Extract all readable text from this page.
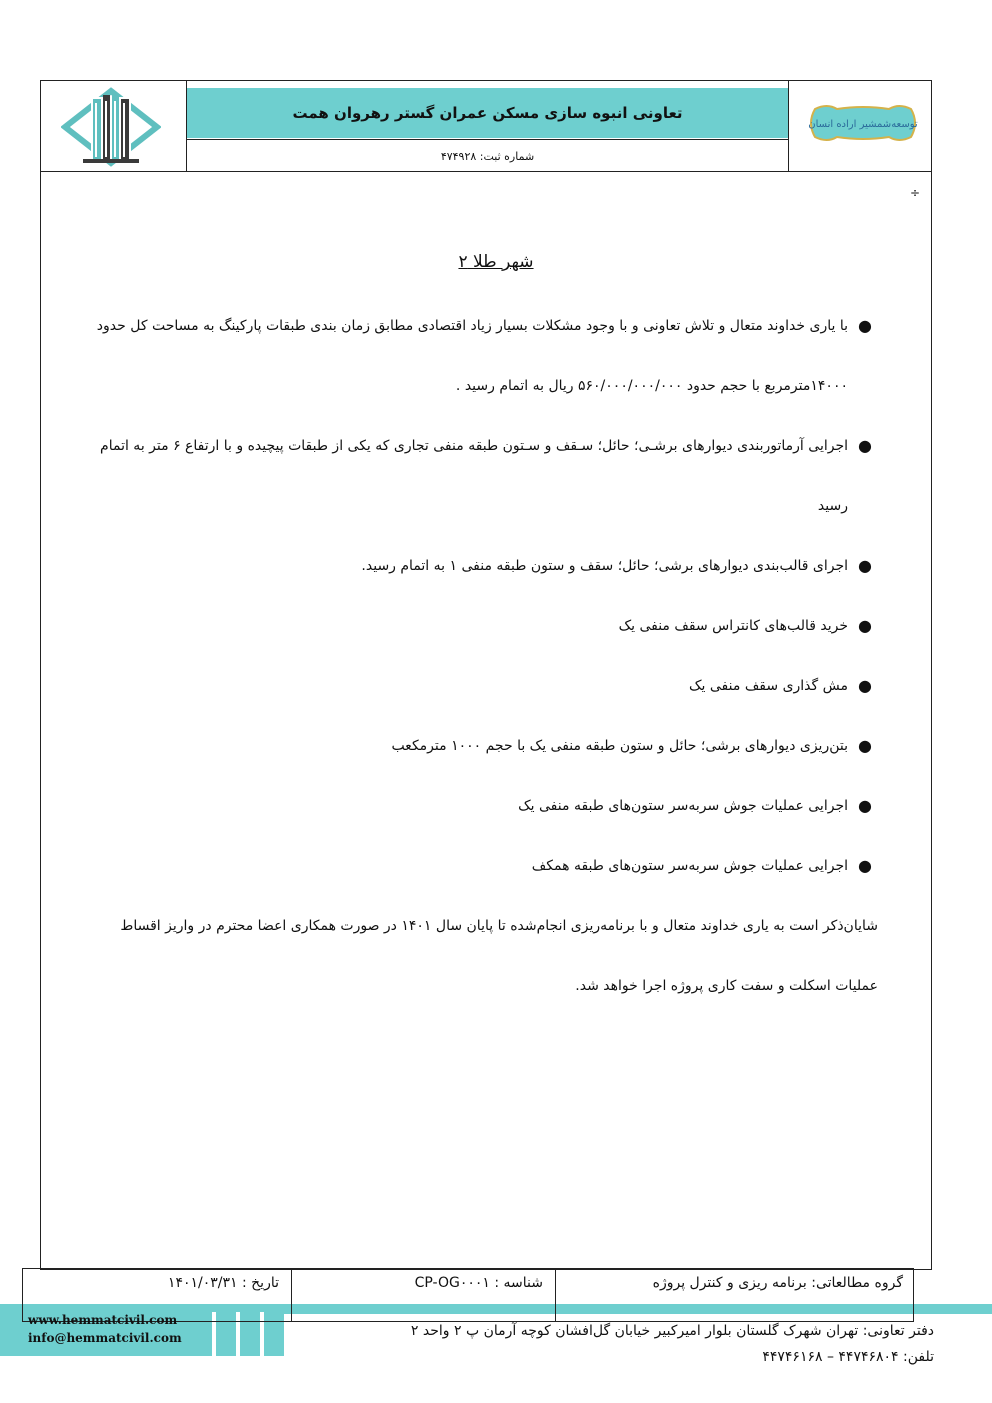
تعاونی انبوه سازی مسکن عمران گستر رهروان همت
شماره ثبت: ۴۷۴۹۲۸
توسعه‌شمشیر اراده انسان
÷
شهر طلا ۲

●
با یاری خداوند متعال و تلاش تعاونی و با وجود مشکلات بسیار زیاد اقتصادی مطابق زمان بندی طبقات پارکینگ به مساحت کل حدود ۱۴۰۰۰مترمربع با حجم حدود ۵۶۰/۰۰۰/۰۰۰/۰۰۰ ریال به اتمام رسید .

●
اجرایی آرماتوربندی دیوارهای برشـی؛ حائل؛ سـقف و سـتون طبقه منفی تجاری که یکی از طبقات پیچیده و با ارتفاع ۶ متر به اتمام رسید

●
اجرای قالب‌بندی دیوارهای برشی؛ حائل؛ سقف و ستون طبقه منفی ۱ به اتمام رسید.

●
خرید قالب‌های کانتراس سقف منفی یک

●
مش گذاری سقف منفی یک

●
بتن‌ریزی دیوارهای برشی؛ حائل و ستون طبقه منفی یک با حجم ۱۰۰۰ مترمکعب

●
اجرایی عملیات جوش سربه‌سر ستون‌های طبقه منفی یک

●
اجرایی عملیات جوش سربه‌سر ستون‌های طبقه همکف

شایان‌ذکر است به یاری خداوند متعال و با برنامه‌ریزی انجام‌شده تا پایان سال ۱۴۰۱ در صورت همکاری اعضا محترم در واریز اقساط عملیات اسکلت و سفت کاری پروژه اجرا خواهد شد.

گروه مطالعاتی: برنامه ریزی و کنترل پروژه
شناسه : CP-OG۰۰۰۱
تاریخ : ۱۴۰۱/۰۳/۳۱
www.hemmatcivil.com
info@hemmatcivil.com	دفتر تعاونی: تهران شهرک گلستان بلوار امیرکبیر خیابان گل‌افشان کوچه آرمان پ ۲ واحد ۲
تلفن: ۴۴۷۴۶۸۰۴ – ۴۴۷۴۶۱۶۸
